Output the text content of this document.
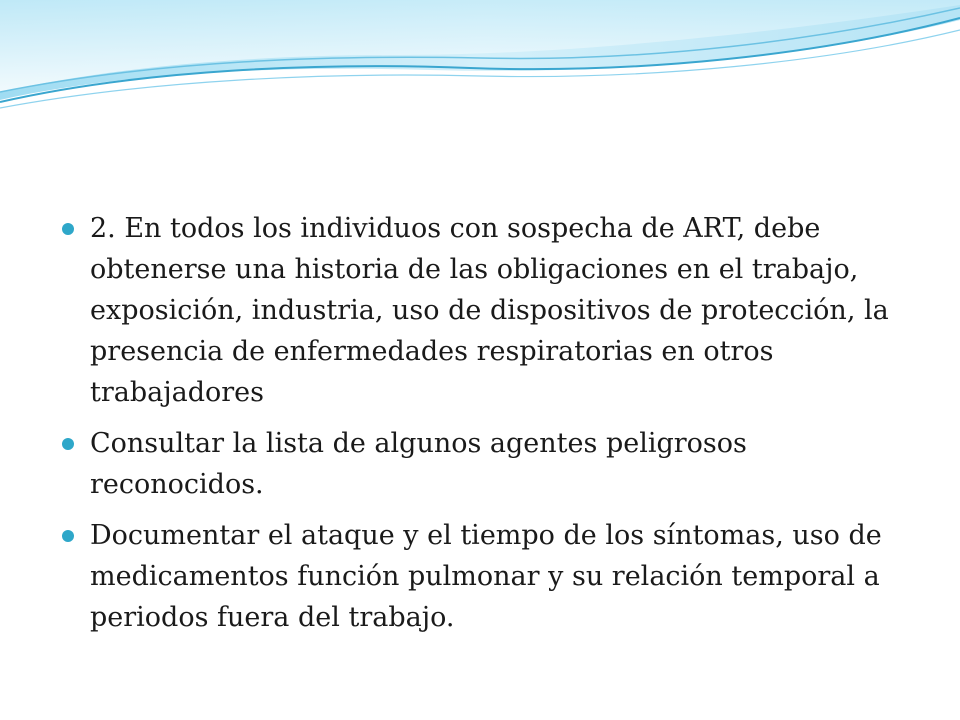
2. En todos los individuos con sospecha de ART, debe obtenerse una historia de las obligaciones en el trabajo, exposición, industria, uso de dispositivos de protección, la presencia de enfermedades respiratorias en otros trabajadores
Consultar la lista de algunos agentes peligrosos reconocidos.
Documentar el ataque y el tiempo de los síntomas, uso de medicamentos función pulmonar y su relación temporal a periodos fuera del trabajo.
